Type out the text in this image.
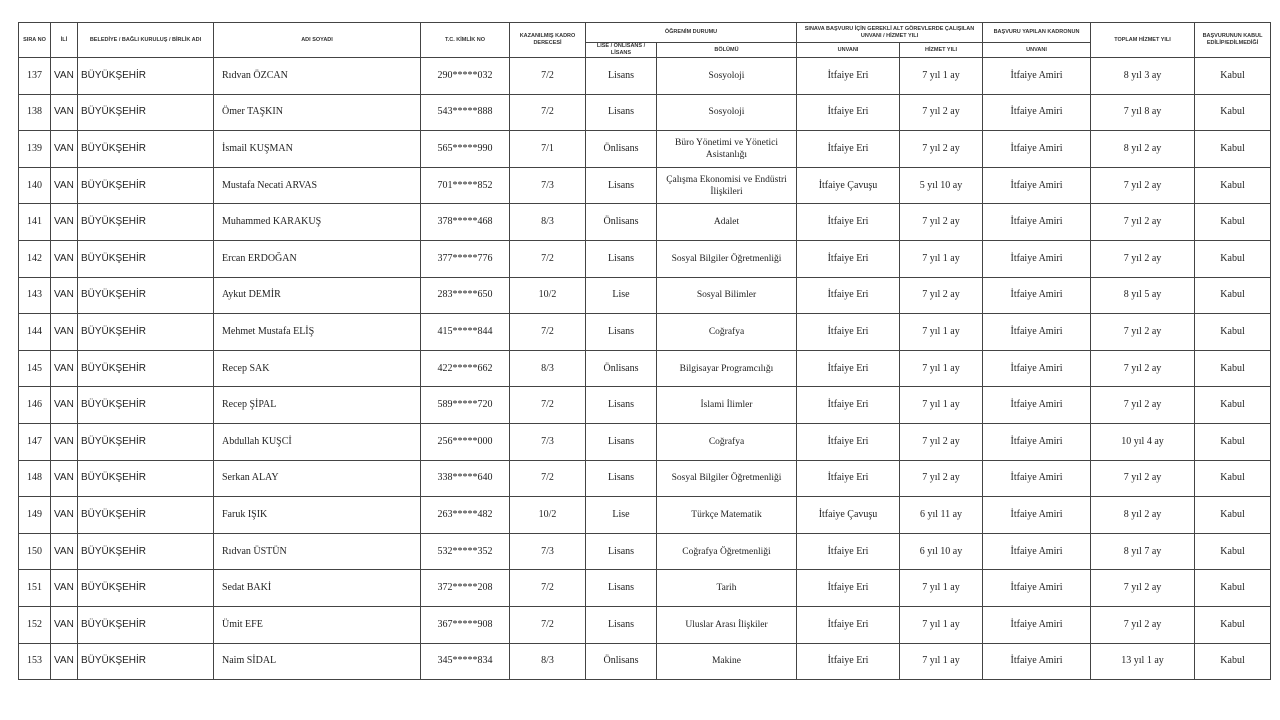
SIRA NO	İLİ	BELEDİYE / BAĞLI KURULUŞ / BİRLİK ADI	ADI SOYADI	T.C. KİMLİK NO	KAZANILMIŞ KADRO DERECESİ	ÖĞRENİM DURUMU		SINAVA BAŞVURU İÇİN GEREKLİ ALT GÖREVLERDE ÇALIŞILAN UNVANI / HİZMET YILI		BAŞVURU YAPILAN KADRONUN	TOPLAM HİZMET YILI	BAŞVURUNUN KABUL EDİLİP/EDİLMEDİĞİ
						LİSE / ÖNLİSANS / LİSANS	BÖLÜMÜ	UNVANI	HİZMET YILI	UNVANI		
137	VAN	BÜYÜKŞEHİR	Rıdvan ÖZCAN	290*****032	7/2	Lisans	Sosyoloji	İtfaiye Eri	7 yıl 1 ay	İtfaiye Amiri	8 yıl 3 ay	Kabul
138	VAN	BÜYÜKŞEHİR	Ömer TAŞKIN	543*****888	7/2	Lisans	Sosyoloji	İtfaiye Eri	7 yıl 2 ay	İtfaiye Amiri	7 yıl 8 ay	Kabul
139	VAN	BÜYÜKŞEHİR	İsmail KUŞMAN	565*****990	7/1	Önlisans	Büro Yönetimi ve Yönetici Asistanlığı	İtfaiye Eri	7 yıl 2 ay	İtfaiye Amiri	8 yıl 2 ay	Kabul
140	VAN	BÜYÜKŞEHİR	Mustafa Necati ARVAS	701*****852	7/3	Lisans	Çalışma Ekonomisi ve Endüstri İlişkileri	İtfaiye Çavuşu	5 yıl 10 ay	İtfaiye Amiri	7 yıl 2 ay	Kabul
141	VAN	BÜYÜKŞEHİR	Muhammed KARAKUŞ	378*****468	8/3	Önlisans	Adalet	İtfaiye Eri	7 yıl 2 ay	İtfaiye Amiri	7 yıl 2 ay	Kabul
142	VAN	BÜYÜKŞEHİR	Ercan ERDOĞAN	377*****776	7/2	Lisans	Sosyal Bilgiler Öğretmenliği	İtfaiye Eri	7 yıl 1 ay	İtfaiye Amiri	7 yıl 2 ay	Kabul
143	VAN	BÜYÜKŞEHİR	Aykut DEMİR	283*****650	10/2	Lise	Sosyal Bilimler	İtfaiye Eri	7 yıl 2 ay	İtfaiye Amiri	8 yıl 5 ay	Kabul
144	VAN	BÜYÜKŞEHİR	Mehmet Mustafa ELİŞ	415*****844	7/2	Lisans	Coğrafya	İtfaiye Eri	7 yıl 1 ay	İtfaiye Amiri	7 yıl 2 ay	Kabul
145	VAN	BÜYÜKŞEHİR	Recep SAK	422*****662	8/3	Önlisans	Bilgisayar Programcılığı	İtfaiye Eri	7 yıl 1 ay	İtfaiye Amiri	7 yıl 2 ay	Kabul
146	VAN	BÜYÜKŞEHİR	Recep ŞİPAL	589*****720	7/2	Lisans	İslami İlimler	İtfaiye Eri	7 yıl 1 ay	İtfaiye Amiri	7 yıl 2 ay	Kabul
147	VAN	BÜYÜKŞEHİR	Abdullah KUŞCİ	256*****000	7/3	Lisans	Coğrafya	İtfaiye Eri	7 yıl 2 ay	İtfaiye Amiri	10 yıl 4 ay	Kabul
148	VAN	BÜYÜKŞEHİR	Serkan ALAY	338*****640	7/2	Lisans	Sosyal Bilgiler Öğretmenliği	İtfaiye Eri	7 yıl 2 ay	İtfaiye Amiri	7 yıl 2 ay	Kabul
149	VAN	BÜYÜKŞEHİR	Faruk IŞIK	263*****482	10/2	Lise	Türkçe Matematik	İtfaiye Çavuşu	6 yıl 11 ay	İtfaiye Amiri	8 yıl 2 ay	Kabul
150	VAN	BÜYÜKŞEHİR	Rıdvan ÜSTÜN	532*****352	7/3	Lisans	Coğrafya Öğretmenliği	İtfaiye Eri	6 yıl 10 ay	İtfaiye Amiri	8 yıl 7 ay	Kabul
151	VAN	BÜYÜKŞEHİR	Sedat BAKİ	372*****208	7/2	Lisans	Tarih	İtfaiye Eri	7 yıl 1 ay	İtfaiye Amiri	7 yıl 2 ay	Kabul
152	VAN	BÜYÜKŞEHİR	Ümit EFE	367*****908	7/2	Lisans	Uluslar Arası İlişkiler	İtfaiye Eri	7 yıl 1 ay	İtfaiye Amiri	7 yıl 2 ay	Kabul
153	VAN	BÜYÜKŞEHİR	Naim SİDAL	345*****834	8/3	Önlisans	Makine	İtfaiye Eri	7 yıl 1 ay	İtfaiye Amiri	13 yıl 1 ay	Kabul
